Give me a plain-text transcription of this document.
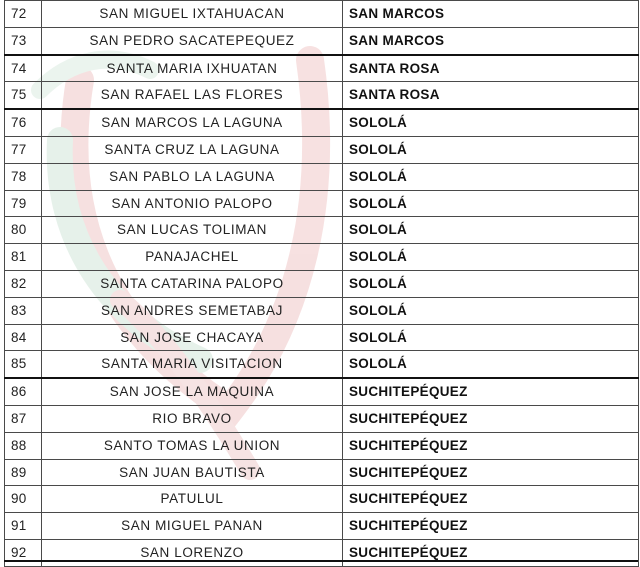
72	SAN MIGUEL IXTAHUACAN	SAN MARCOS
73	SAN PEDRO SACATEPEQUEZ	SAN MARCOS
74	SANTA MARIA IXHUATAN	SANTA ROSA
75	SAN RAFAEL LAS FLORES	SANTA ROSA
76	SAN MARCOS LA LAGUNA	SOLOLÁ
77	SANTA CRUZ LA LAGUNA	SOLOLÁ
78	SAN PABLO LA LAGUNA	SOLOLÁ
79	SAN ANTONIO PALOPO	SOLOLÁ
80	SAN LUCAS TOLIMAN	SOLOLÁ
81	PANAJACHEL	SOLOLÁ
82	SANTA CATARINA PALOPO	SOLOLÁ
83	SAN ANDRES SEMETABAJ	SOLOLÁ
84	SAN JOSE CHACAYA	SOLOLÁ
85	SANTA MARIA VISITACION	SOLOLÁ
86	SAN JOSE LA MAQUINA	SUCHITEPÉQUEZ
87	RIO BRAVO	SUCHITEPÉQUEZ
88	SANTO TOMAS LA UNION	SUCHITEPÉQUEZ
89	SAN JUAN BAUTISTA	SUCHITEPÉQUEZ
90	PATULUL	SUCHITEPÉQUEZ
91	SAN MIGUEL PANAN	SUCHITEPÉQUEZ
92	SAN LORENZO	SUCHITEPÉQUEZ
